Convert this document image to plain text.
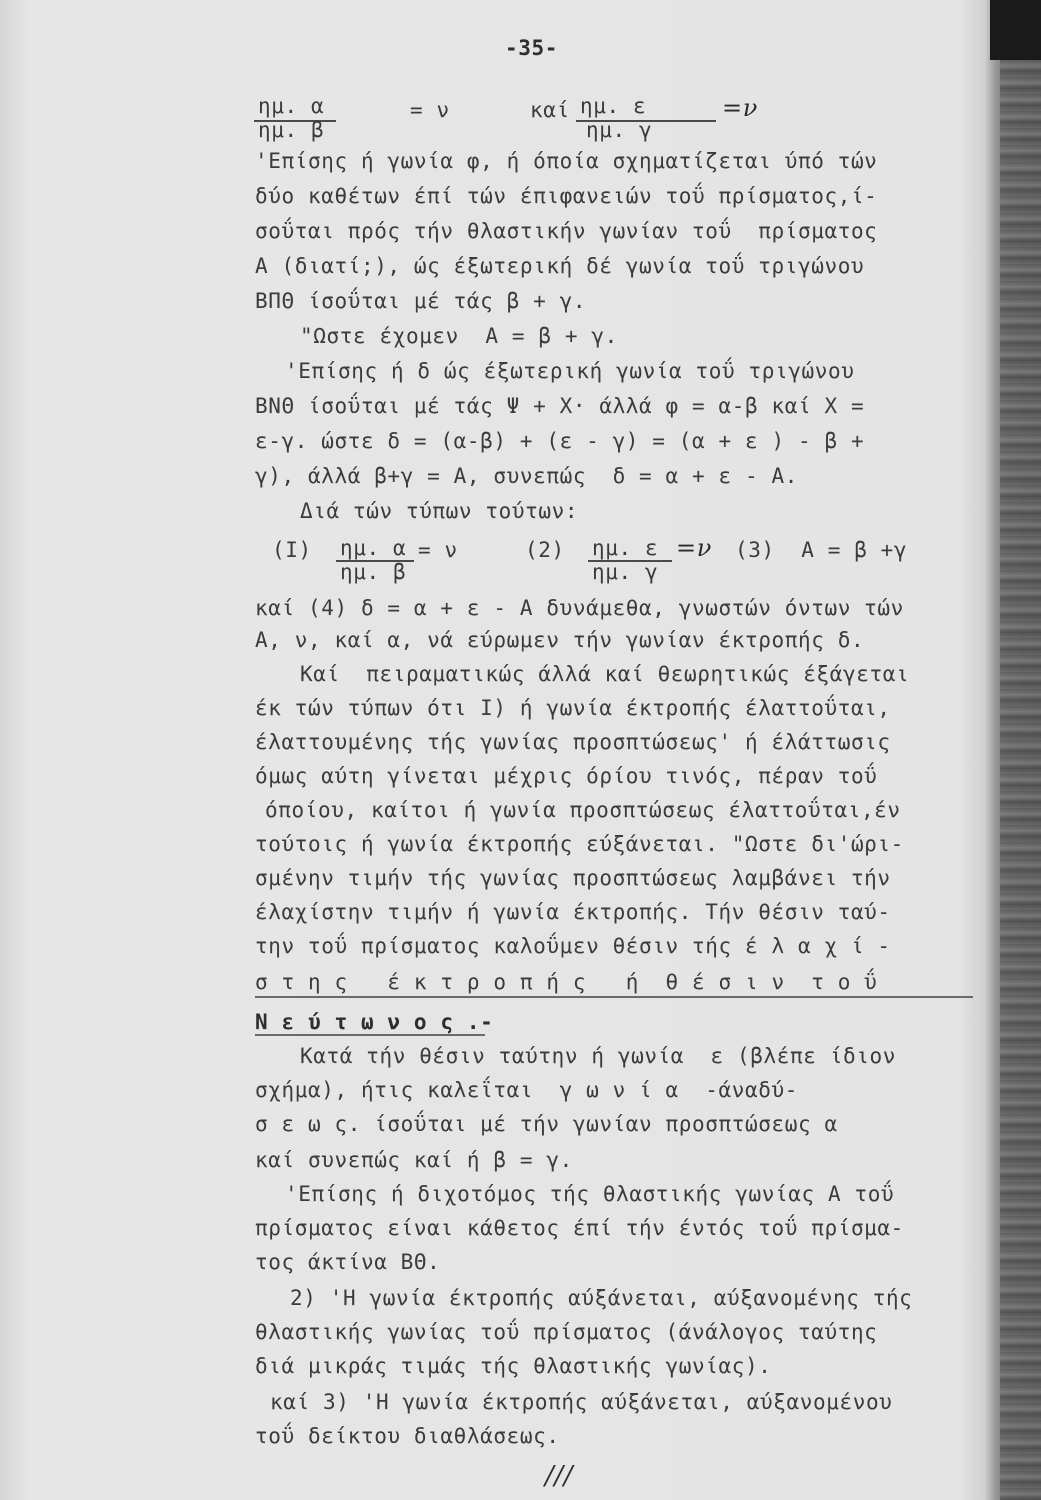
-35-
ημ. α
ημ. β
= ν	καί ημ. ε
ημ. γ
=ν
'Επίσης ή γωνία φ, ή όποία σχηματίζεται ύπό τών
δύο καθέτων έπί τών έπιφανειών τοΰ πρίσματος,ί-
σοΰται πρός τήν θλαστικήν γωνίαν τοΰ  πρίσματος
Α (διατί;), ώς έξωτερική δέ γωνία τοΰ τριγώνου
ΒΠΘ ίσοΰται μέ τάς β + γ.
"Ωστε έχομεν  Α = β + γ.
'Επίσης ή δ ώς έξωτερική γωνία τοΰ τριγώνου
ΒΝΘ ίσοΰται μέ τάς Ψ + Χ· άλλά φ = α-β καί Χ =
ε-γ. ώστε δ = (α-β) + (ε - γ) = (α + ε ) - β +
γ), άλλά β+γ = Α, συνεπώς  δ = α + ε - Α.
Διά τών τύπων τούτων:
(I) ημ. α
ημ. β
= ν	(2) ημ. ε
ημ. γ
=ν (3)  Α = β +γ
καί (4) δ = α + ε - Α δυνάμεθα, γνωστών όντων τών
Α, ν, καί α, νά εύρωμεν τήν γωνίαν έκτροπής δ.
Καί  πειραματικώς άλλά καί θεωρητικώς έξάγεται
έκ τών τύπων ότι I) ή γωνία έκτροπής έλαττοΰται,
έλαττουμένης τής γωνίας προσπτώσεως' ή έλάττωσις
όμως αύτη γίνεται μέχρις όρίου τινός, πέραν τοΰ
όποίου, καίτοι ή γωνία προσπτώσεως έλαττοΰται,έν
τούτοις ή γωνία έκτροπής εύξάνεται. "Ωστε δι'ώρι-
σμένην τιμήν τής γωνίας προσπτώσεως λαμβάνει τήν
έλαχίστην τιμήν ή γωνία έκτροπής. Τήν θέσιν ταύ-
την τοΰ πρίσματος καλοΰμεν θέσιν τής έ λ α χ ί -
σ τ η ς   έ κ τ ρ ο π ή ς   ή  θ έ σ ι ν  τ ο ΰ
Ν ε ύ τ ω ν ο ς .-
Κατά τήν θέσιν ταύτην ή γωνία  ε (βλέπε ίδιον
σχήμα), ήτις καλεΐται  γ ω ν ί α  -άναδύ-
σ ε ω ς. ίσοΰται μέ τήν γωνίαν προσπτώσεως α
καί συνεπώς καί ή β = γ.
'Επίσης ή διχοτόμος τής θλαστικής γωνίας Α τοΰ
πρίσματος είναι κάθετος έπί τήν έντός τοΰ πρίσμα-
τος άκτίνα ΒΘ.
2) 'Η γωνία έκτροπής αύξάνεται, αύξανομένης τής
θλαστικής γωνίας τοΰ πρίσματος (άνάλογος ταύτης
διά μικράς τιμάς τής θλαστικής γωνίας).
καί 3) 'Η γωνία έκτροπής αύξάνεται, αύξανομένου
τοΰ δείκτου διαθλάσεως.
///
